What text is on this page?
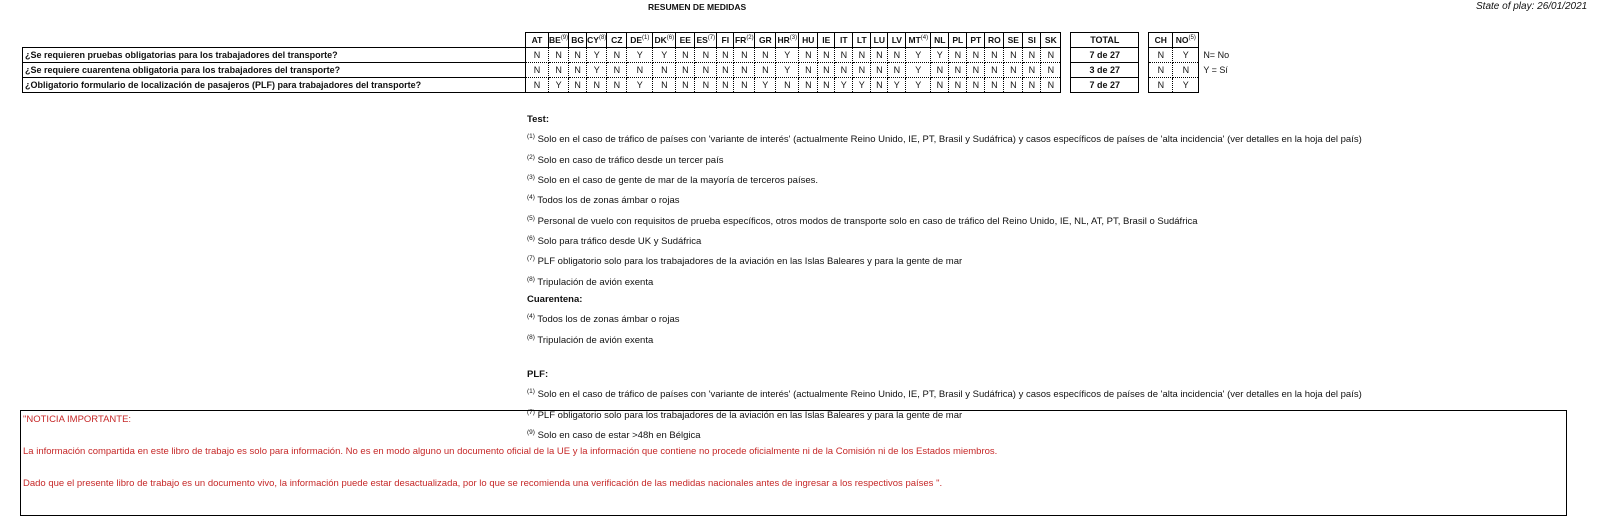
RESUMEN DE MEDIDAS	State of play: 26/01/2021
	AT	BE$^{(9)}$	BG	CY$^{(8)}$	CZ	DE$^{(1)}$	DK$^{(6)}$	EE	ES$^{(7)}$	FI	FR$^{(2)}$	GR	HR$^{(3)}$	HU	IE	IT	LT	LU	LV	MT$^{(4)}$	NL	PL	PT	RO	SE	SI	SK		TOTAL		CH	NO$^{(5)}$	
¿Se requieren pruebas obligatorias para los trabajadores del transporte?	N	N	N	Y	N	Y	Y	N	N	N	N	N	Y	N	N	N	N	N	N	Y	Y	N	N	N	N	N	N		7 de 27		N	Y	N= No
¿Se requiere cuarentena obligatoria para los trabajadores del transporte?	N	N	N	Y	N	N	N	N	N	N	N	N	Y	N	N	N	N	N	N	Y	N	N	N	N	N	N	N		3 de 27		N	N	Y = Sí
¿Obligatorio formulario de localización de pasajeros (PLF) para trabajadores del transporte?	N	Y	N	N	N	Y	N	N	N	N	N	Y	N	N	N	Y	Y	N	Y	Y	N	N	N	N	N	N	N		7 de 27		N	Y	
Test:
$^{(1)}$ Solo en el caso de tráfico de países con 'variante de interés' (actualmente Reino Unido, IE, PT, Brasil y Sudáfrica) y casos específicos de países de 'alta incidencia' (ver detalles en la hoja del país)
$^{(2)}$ Solo en caso de tráfico desde un tercer país
$^{(3)}$ Solo en el caso de gente de mar de la mayoría de terceros países.
$^{(4)}$ Todos los de zonas ámbar o rojas
$^{(5)}$ Personal de vuelo con requisitos de prueba específicos, otros modos de transporte solo en caso de tráfico del Reino Unido, IE, NL, AT, PT, Brasil o Sudáfrica
$^{(6)}$ Solo para tráfico desde UK y Sudáfrica
$^{(7)}$ PLF obligatorio solo para los trabajadores de la aviación en las Islas Baleares y para la gente de mar
$^{(8)}$ Tripulación de avión exenta
Cuarentena:
$^{(4)}$ Todos los de zonas ámbar o rojas
$^{(8)}$ Tripulación de avión exenta
PLF:
$^{(1)}$ Solo en el caso de tráfico de países con 'variante de interés' (actualmente Reino Unido, IE, PT, Brasil y Sudáfrica) y casos específicos de países de 'alta incidencia' (ver detalles en la hoja del país)
$^{(7)}$ PLF obligatorio solo para los trabajadores de la aviación en las Islas Baleares y para la gente de mar
$^{(9)}$ Solo en caso de estar >48h en Bélgica

"NOTICIA IMPORTANTE:

La información compartida en este libro de trabajo es solo para información. No es en modo alguno un documento oficial de la UE y la información que contiene no procede oficialmente ni de la Comisión ni de los Estados miembros.

Dado que el presente libro de trabajo es un documento vivo, la información puede estar desactualizada, por lo que se recomienda una verificación de las medidas nacionales antes de ingresar a los respectivos países ".
